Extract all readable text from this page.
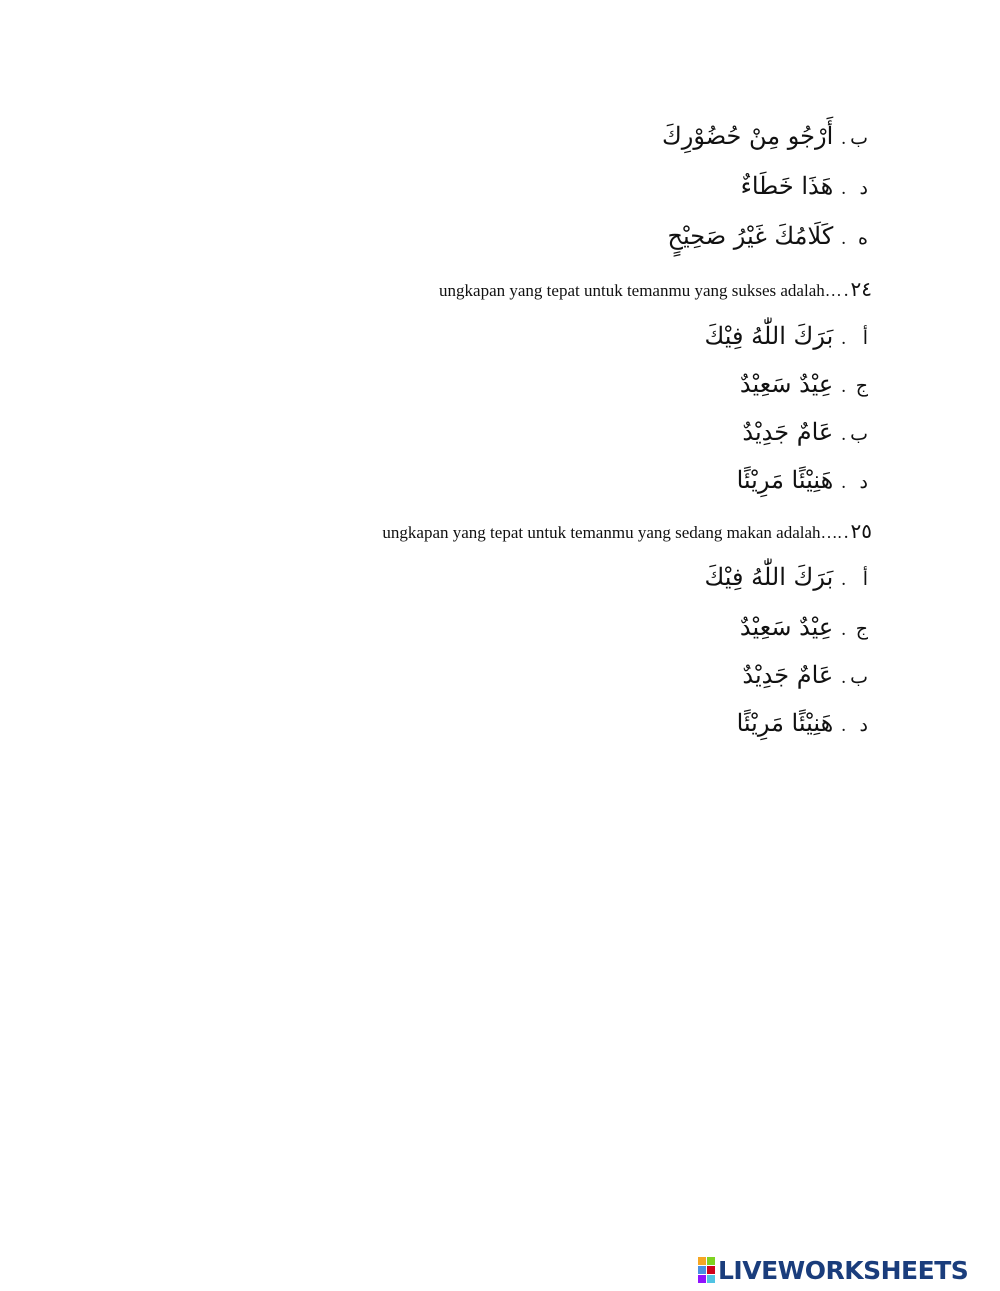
ب
.
أَرْجُو مِنْ حُضُوْرِكَ
د
.
هَذَا خَطَاءٌ
ه
.
كَلَامُكَ غَيْرُ صَحِيْحٍ
٢٤
.
ungkapan yang tepat untuk temanmu yang sukses adalah…
أ
.
بَرَكَ اللّٰهُ فِيْكَ
ج
.
عِيْدٌ سَعِيْدٌ
ب
.
عَامٌ جَدِيْدٌ
د
.
هَنِيْئًا مَرِيْئًا
٢٥
.
ungkapan yang tepat untuk temanmu yang sedang makan adalah….
أ
.
بَرَكَ اللّٰهُ فِيْكَ
ج
.
عِيْدٌ سَعِيْدٌ
ب
.
عَامٌ جَدِيْدٌ
د
.
هَنِيْئًا مَرِيْئًا
LIVEWORKSHEETS
